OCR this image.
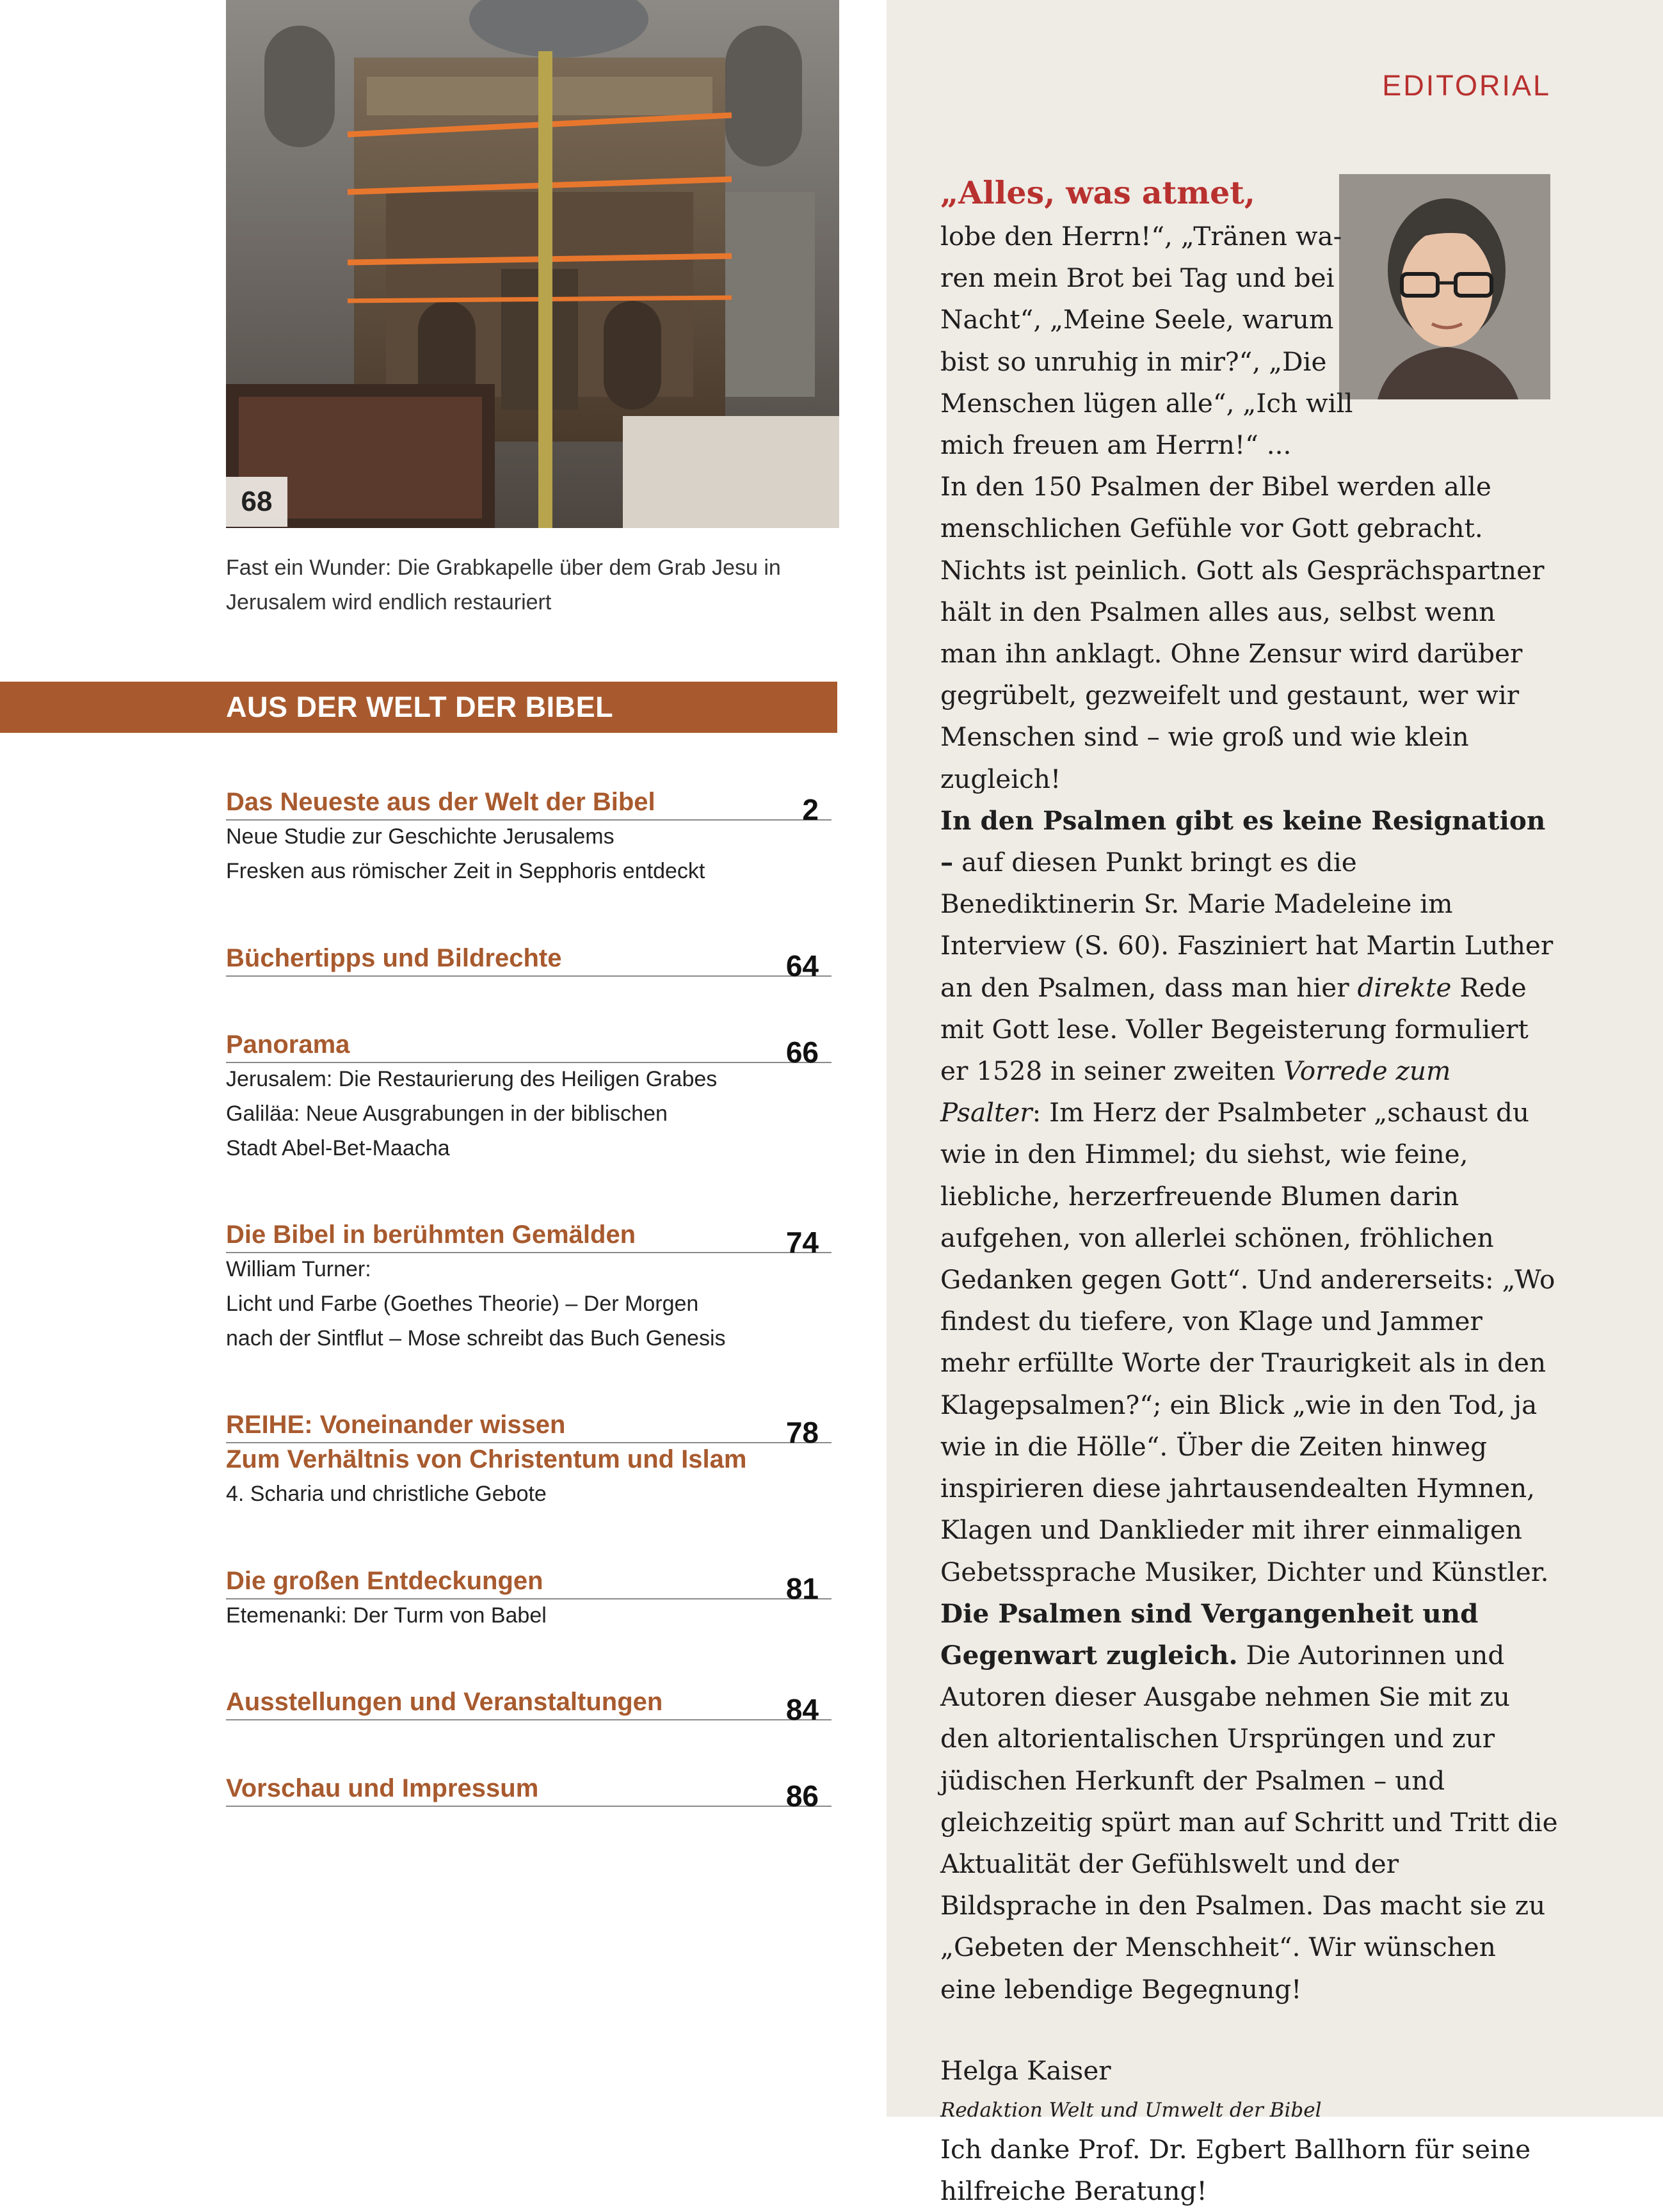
EDITORIAL
„Alles, was atmet,
lobe den Herrn!“, „Tränen wa-
ren mein Brot bei Tag und bei
Nacht“, „Meine Seele, warum
bist so unruhig in mir?“, „Die
Menschen lügen alle“, „Ich will
mich freuen am Herrn!“ ...

In den 150 Psalmen der Bibel werden alle menschlichen Gefühle vor Gott gebracht. Nichts ist peinlich. Gott als Gesprächspartner hält in den Psalmen alles aus, selbst wenn man ihn anklagt. Ohne Zensur wird darüber gegrübelt, gezweifelt und gestaunt, wer wir Menschen sind – wie groß und wie klein zugleich!

In den Psalmen gibt es keine Resignation – auf diesen Punkt bringt es die Benediktinerin Sr. Marie Madeleine im Interview (S. 60). Fasziniert hat Martin Luther an den Psalmen, dass man hier direkte Rede mit Gott lese. Voller Begeisterung formuliert er 1528 in seiner zweiten Vorrede zum Psalter: Im Herz der Psalmbeter „schaust du wie in den Himmel; du siehst, wie feine, liebliche, herzerfreuende Blumen darin aufgehen, von allerlei schönen, fröhlichen Gedanken gegen Gott“. Und andererseits: „Wo findest du tiefere, von Klage und Jammer mehr erfüllte Worte der Traurigkeit als in den Klagepsalmen?“; ein Blick „wie in den Tod, ja wie in die Hölle“. Über die Zeiten hinweg inspirieren diese jahrtausendealten Hymnen, Klagen und Danklieder mit ihrer einmaligen Gebetssprache Musiker, Dichter und Künstler.

Die Psalmen sind Vergangenheit und Gegenwart zugleich. Die Autorinnen und Autoren dieser Ausgabe nehmen Sie mit zu den altorientalischen Ursprüngen und zur jüdischen Herkunft der Psalmen – und gleichzeitig spürt man auf Schritt und Tritt die Aktualität der Gefühlswelt und der Bildsprache in den Psalmen. Das macht sie zu „Gebeten der Menschheit“. Wir wünschen eine lebendige Begegnung!

Helga Kaiser

Redaktion Welt und Umwelt der Bibel

Ich danke Prof. Dr. Egbert Ballhorn für seine hilfreiche Beratung!

68
Fast ein Wunder: Die Grabkapelle über dem Grab Jesu in Jerusalem wird endlich restauriert
AUS DER WELT DER BIBEL
Das Neueste aus der Welt der Bibel	2
Neue Studie zur Geschichte Jerusalems
Fresken aus römischer Zeit in Sepphoris entdeckt
Büchertipps und Bildrechte	64
Panorama	66
Jerusalem: Die Restaurierung des Heiligen Grabes
Galiläa: Neue Ausgrabungen in der biblischen
Stadt Abel-Bet-Maacha
Die Bibel in berühmten Gemälden	74
William Turner:
Licht und Farbe (Goethes Theorie) – Der Morgen
nach der Sintflut – Mose schreibt das Buch Genesis
REIHE: Voneinander wissen	78
Zum Verhältnis von Christentum und Islam
4. Scharia und christliche Gebote
Die großen Entdeckungen	81
Etemenanki: Der Turm von Babel
Ausstellungen und Veranstaltungen	84
Vorschau und Impressum	86
